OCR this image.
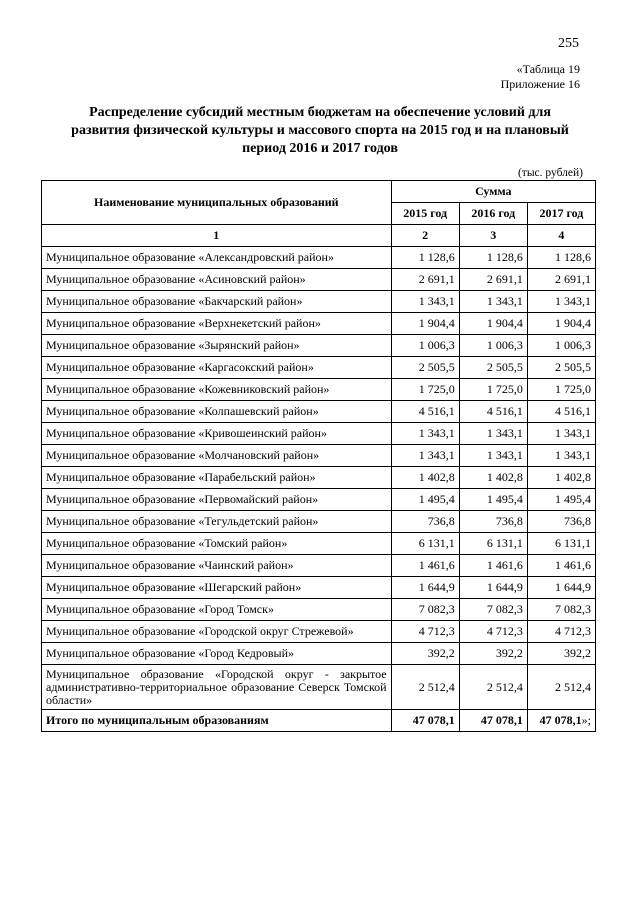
255
«Таблица 19
Приложение 16
Распределение субсидий местным бюджетам на обеспечение условий для
развития физической культуры и массового спорта на 2015 год и на плановый
период 2016 и 2017 годов
(тыс. рублей)
Наименование муниципальных образований	Сумма		
	2015 год	2016 год	2017 год
1	2	3	4
Муниципальное образование «Александровский район»	1 128,6	1 128,6	1 128,6
Муниципальное образование «Асиновский район»	2 691,1	2 691,1	2 691,1
Муниципальное образование «Бакчарский район»	1 343,1	1 343,1	1 343,1
Муниципальное образование «Верхнекетский район»	1 904,4	1 904,4	1 904,4
Муниципальное образование «Зырянский район»	1 006,3	1 006,3	1 006,3
Муниципальное образование «Каргасокский район»	2 505,5	2 505,5	2 505,5
Муниципальное образование «Кожевниковский район»	1 725,0	1 725,0	1 725,0
Муниципальное образование «Колпашевский район»	4 516,1	4 516,1	4 516,1
Муниципальное образование «Кривошеинский район»	1 343,1	1 343,1	1 343,1
Муниципальное образование «Молчановский район»	1 343,1	1 343,1	1 343,1
Муниципальное образование «Парабельский район»	1 402,8	1 402,8	1 402,8
Муниципальное образование «Первомайский район»	1 495,4	1 495,4	1 495,4
Муниципальное образование «Тегульдетский район»	736,8	736,8	736,8
Муниципальное образование «Томский район»	6 131,1	6 131,1	6 131,1
Муниципальное образование «Чаинский район»	1 461,6	1 461,6	1 461,6
Муниципальное образование «Шегарский район»	1 644,9	1 644,9	1 644,9
Муниципальное образование «Город Томск»	7 082,3	7 082,3	7 082,3
Муниципальное образование «Городской округ Стрежевой»	4 712,3	4 712,3	4 712,3
Муниципальное образование «Город Кедровый»	392,2	392,2	392,2
Муниципальное образование «Городской округ - закрытое административно-территориальное образование Северск Томской области»	2 512,4	2 512,4	2 512,4
Итого по муниципальным образованиям	47 078,1	47 078,1	47 078,1»;
